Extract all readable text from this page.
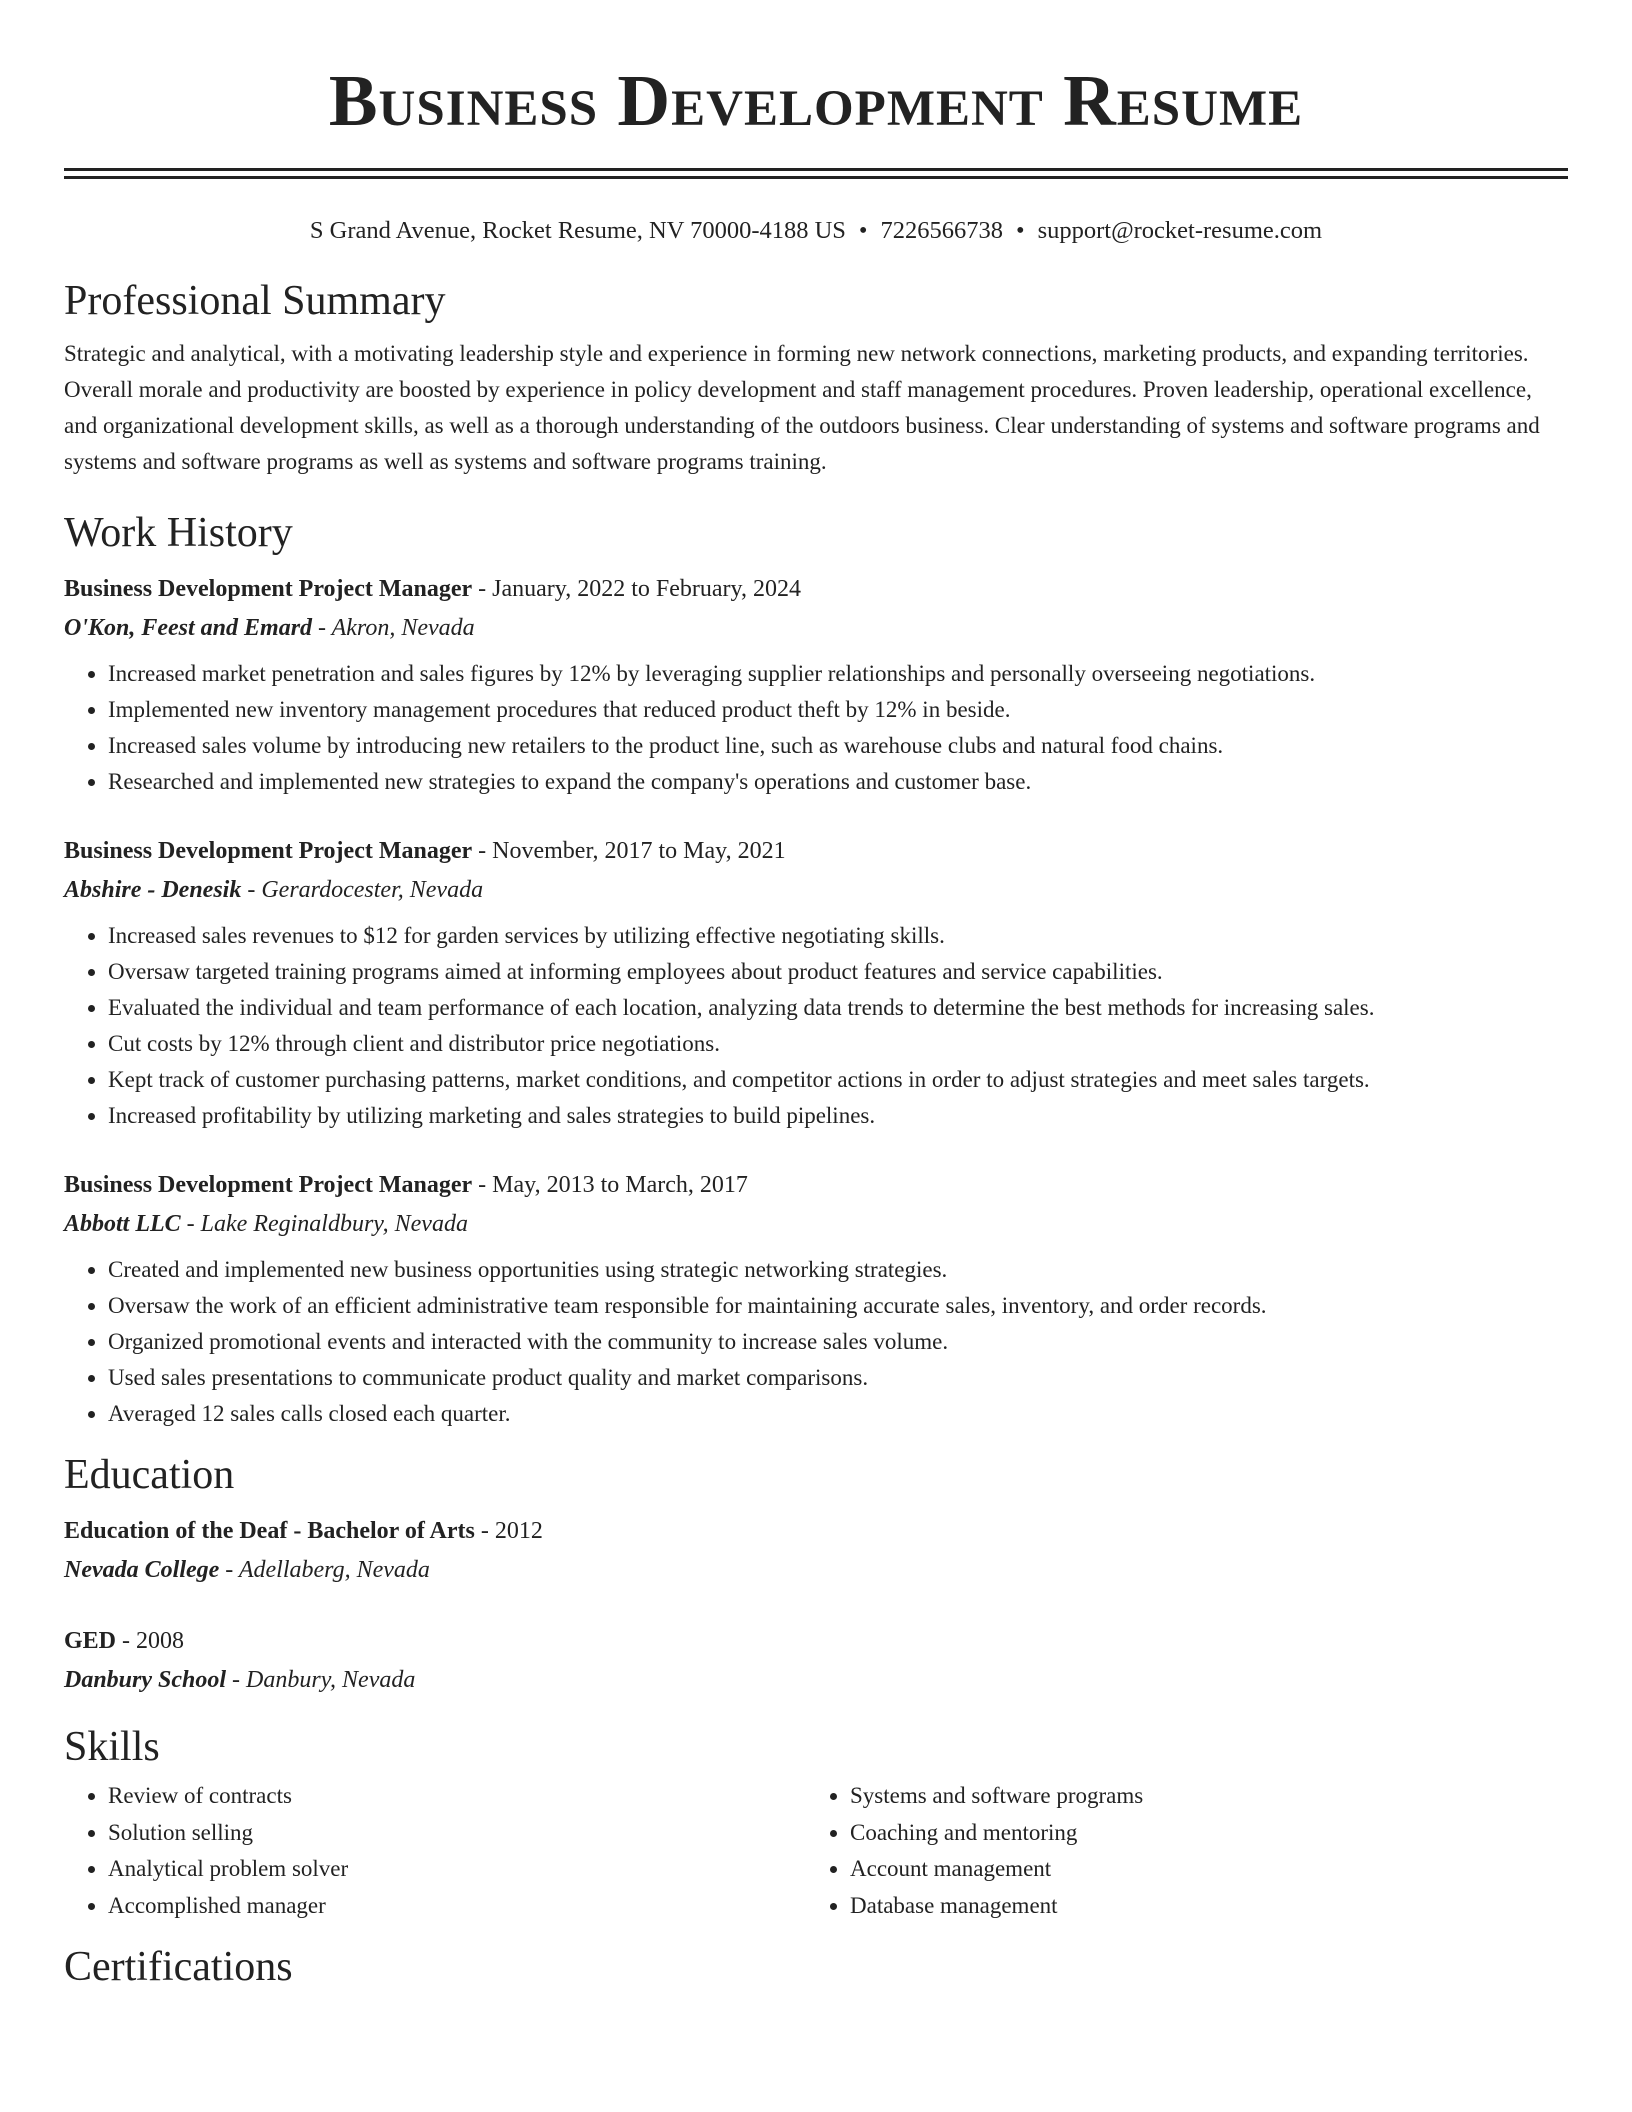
Business Development Resume
S Grand Avenue, Rocket Resume, NV 70000-4188 US • 7226566738 • support@rocket-resume.com
Professional Summary

Strategic and analytical, with a motivating leadership style and experience in forming new network connections, marketing products, and expanding territories. Overall morale and productivity are boosted by experience in policy development and staff management procedures. Proven leadership, operational excellence, and organizational development skills, as well as a thorough understanding of the outdoors business. Clear understanding of systems and software programs and systems and software programs as well as systems and software programs training.

Work History
Business Development Project Manager - January, 2022 to February, 2024
O'Kon, Feest and Emard - Akron, Nevada
• Increased market penetration and sales figures by 12% by leveraging supplier relationships and personally overseeing negotiations.
• Implemented new inventory management procedures that reduced product theft by 12% in beside.
• Increased sales volume by introducing new retailers to the product line, such as warehouse clubs and natural food chains.
• Researched and implemented new strategies to expand the company's operations and customer base.
Business Development Project Manager - November, 2017 to May, 2021
Abshire - Denesik - Gerardocester, Nevada
• Increased sales revenues to $12 for garden services by utilizing effective negotiating skills.
• Oversaw targeted training programs aimed at informing employees about product features and service capabilities.
• Evaluated the individual and team performance of each location, analyzing data trends to determine the best methods for increasing sales.
• Cut costs by 12% through client and distributor price negotiations.
• Kept track of customer purchasing patterns, market conditions, and competitor actions in order to adjust strategies and meet sales targets.
• Increased profitability by utilizing marketing and sales strategies to build pipelines.
Business Development Project Manager - May, 2013 to March, 2017
Abbott LLC - Lake Reginaldbury, Nevada
• Created and implemented new business opportunities using strategic networking strategies.
• Oversaw the work of an efficient administrative team responsible for maintaining accurate sales, inventory, and order records.
• Organized promotional events and interacted with the community to increase sales volume.
• Used sales presentations to communicate product quality and market comparisons.
• Averaged 12 sales calls closed each quarter.
Education
Education of the Deaf - Bachelor of Arts - 2012
Nevada College - Adellaberg, Nevada
GED - 2008
Danbury School - Danbury, Nevada
Skills
• Review of contracts
• Solution selling
• Analytical problem solver
• Accomplished manager
• Systems and software programs
• Coaching and mentoring
• Account management
• Database management
Certifications
